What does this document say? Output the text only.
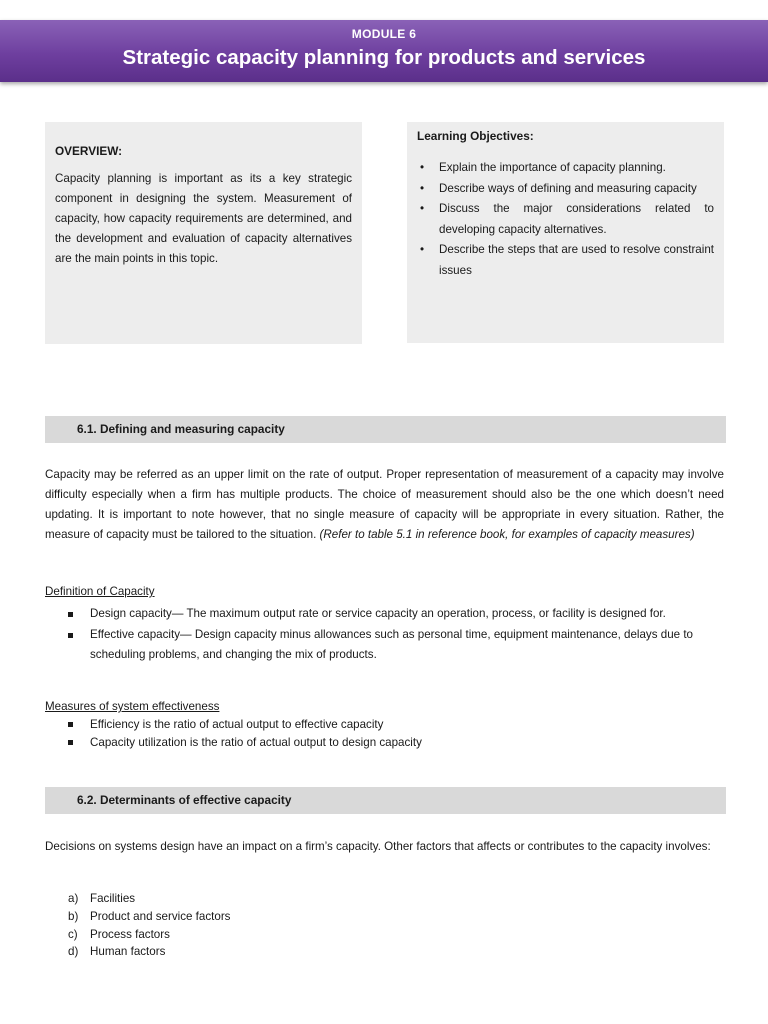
MODULE 6
Strategic capacity planning for products and services

OVERVIEW:

Capacity planning is important as its a key strategic component in designing the system. Measurement of capacity, how capacity requirements are determined, and the development and evaluation of capacity alternatives are the main points in this topic.

Learning Objectives:

• Explain the importance of capacity planning.
• Describe ways of defining and measuring capacity
• Discuss the major considerations related to developing capacity alternatives.
• Describe the steps that are used to resolve constraint issues
6.1. Defining and measuring capacity

Capacity may be referred as an upper limit on the rate of output. Proper representation of measurement of a capacity may involve difficulty especially when a firm has multiple products. The choice of measurement should also be the one which doesn’t need updating. It is important to note however, that no single measure of capacity will be appropriate in every situation. Rather, the measure of capacity must be tailored to the situation. (Refer to table 5.1 in reference book, for examples of capacity measures)

Definition of Capacity

Design capacity— The maximum output rate or service capacity an operation, process, or facility is designed for.
Effective capacity— Design capacity minus allowances such as personal time, equipment maintenance, delays due to scheduling problems, and changing the mix of products.

Measures of system effectiveness

Efficiency is the ratio of actual output to effective capacity
Capacity utilization is the ratio of actual output to design capacity
6.2. Determinants of effective capacity

Decisions on systems design have an impact on a firm’s capacity. Other factors that affects or contributes to the capacity involves:

a) Facilities
b) Product and service factors
c) Process factors
d) Human factors
